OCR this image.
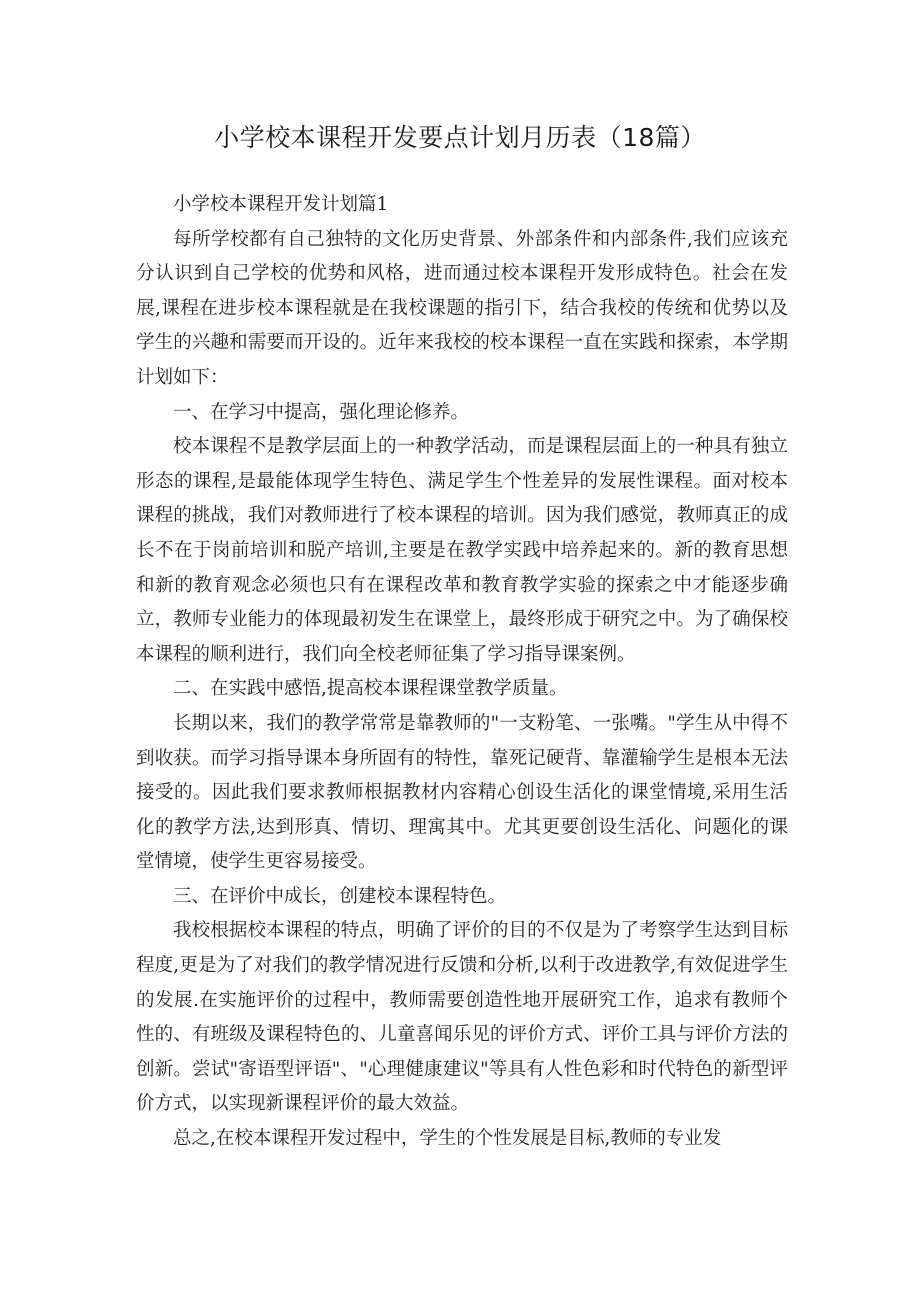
小学校本课程开发要点计划月历表（18篇）

小学校本课程开发计划篇1

每所学校都有自己独特的文化历史背景、外部条件和内部条件,我们应该充分认识到自己学校的优势和风格，进而通过校本课程开发形成特色。社会在发展,课程在进步校本课程就是在我校课题的指引下，结合我校的传统和优势以及学生的兴趣和需要而开设的。近年来我校的校本课程一直在实践和探索，本学期计划如下：

一、在学习中提高，强化理论修养。

校本课程不是教学层面上的一种教学活动，而是课程层面上的一种具有独立形态的课程,是最能体现学生特色、满足学生个性差异的发展性课程。面对校本课程的挑战，我们对教师进行了校本课程的培训。因为我们感觉，教师真正的成长不在于岗前培训和脱产培训,主要是在教学实践中培养起来的。新的教育思想和新的教育观念必须也只有在课程改革和教育教学实验的探索之中才能逐步确立，教师专业能力的体现最初发生在课堂上，最终形成于研究之中。为了确保校本课程的顺利进行，我们向全校老师征集了学习指导课案例。

二、在实践中感悟,提高校本课程课堂教学质量。

长期以来，我们的教学常常是靠教师的"一支粉笔、一张嘴。"学生从中得不到收获。而学习指导课本身所固有的特性，靠死记硬背、靠灌输学生是根本无法接受的。因此我们要求教师根据教材内容精心创设生活化的课堂情境,采用生活化的教学方法,达到形真、情切、理寓其中。尤其更要创设生活化、问题化的课堂情境，使学生更容易接受。

三、在评价中成长，创建校本课程特色。

我校根据校本课程的特点，明确了评价的目的不仅是为了考察学生达到目标程度,更是为了对我们的教学情况进行反馈和分析,以利于改进教学,有效促进学生的发展.在实施评价的过程中，教师需要创造性地开展研究工作，追求有教师个性的、有班级及课程特色的、儿童喜闻乐见的评价方式、评价工具与评价方法的创新。尝试"寄语型评语"、"心理健康建议"等具有人性色彩和时代特色的新型评价方式，以实现新课程评价的最大效益。

总之,在校本课程开发过程中，学生的个性发展是目标,教师的专业发
